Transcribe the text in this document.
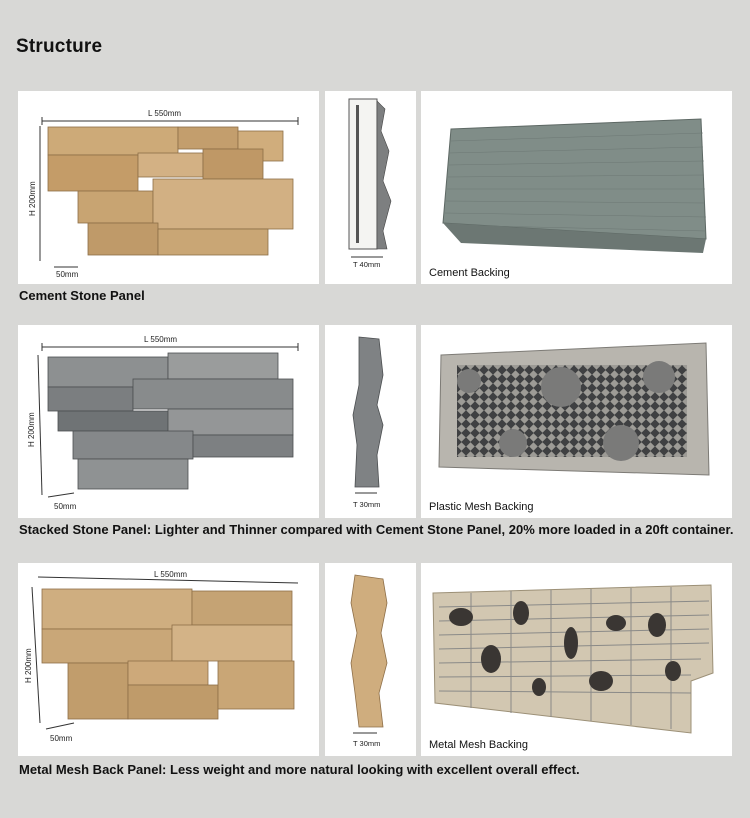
Structure
L 550mm
H 200mm
50mm
T 40mm
Cement Backing
Cement Stone Panel
L 550mm
H 200mm
50mm	T 30mm	Plastic Mesh Backing
Stacked Stone Panel: Lighter and Thinner compared with Cement Stone Panel, 20% more loaded in a 20ft container.
L 550mm
H 200mm
50mm
T 30mm	Metal Mesh Backing
Metal Mesh Back Panel: Less weight and more natural looking with excellent overall effect.
